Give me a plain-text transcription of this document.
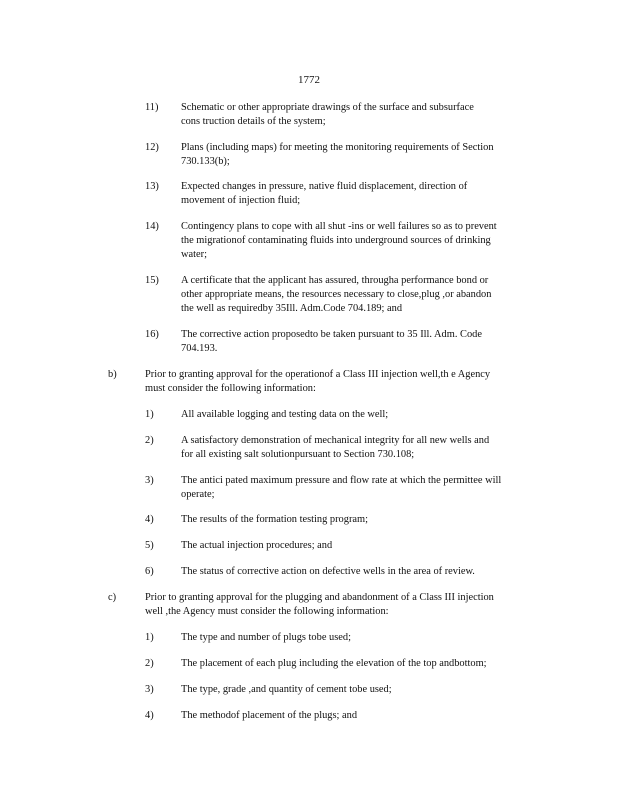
1772
11)	Schematic or other appropriate drawings of the surface and subsurface
cons truction details of the system;
12)	Plans (including maps) for meeting the monitoring requirements of Section
730.133(b);
13)	Expected changes in pressure, native fluid displacement, direction of
movement of injection fluid;
14)	Contingency plans to cope with all shut -ins or well failures so as to prevent
the migrationof contaminating fluids into underground sources of drinking
water;
15)	A certificate that the applicant has assured, througha performance bond or
other appropriate means, the resources necessary to close,plug ,or abandon
the well as requiredby 35Ill. Adm.Code 704.189; and
16)	The corrective action proposedto be taken pursuant to 35 Ill. Adm. Code
704.193.
b)	Prior to granting approval for the operationof a Class III injection well,th e Agency
must consider the following information:
1)	All available logging and testing data on the well;
2)	A satisfactory demonstration of mechanical integrity for all new wells and
for all existing salt solutionpursuant to Section 730.108;
3)	The antici pated maximum pressure and flow rate at which the permittee will
operate;
4)	The results of the formation testing program;
5)	The actual injection procedures; and
6)	The status of corrective action on defective wells in the area of review.
c)	Prior to granting approval for the plugging and abandonment of a Class III injection
well ,the Agency must consider the following information:
1)	The type and number of plugs tobe used;
2)	The placement of each plug including the elevation of the top andbottom;
3)	The type, grade ,and quantity of cement tobe used;
4)	The methodof placement of the plugs; and
